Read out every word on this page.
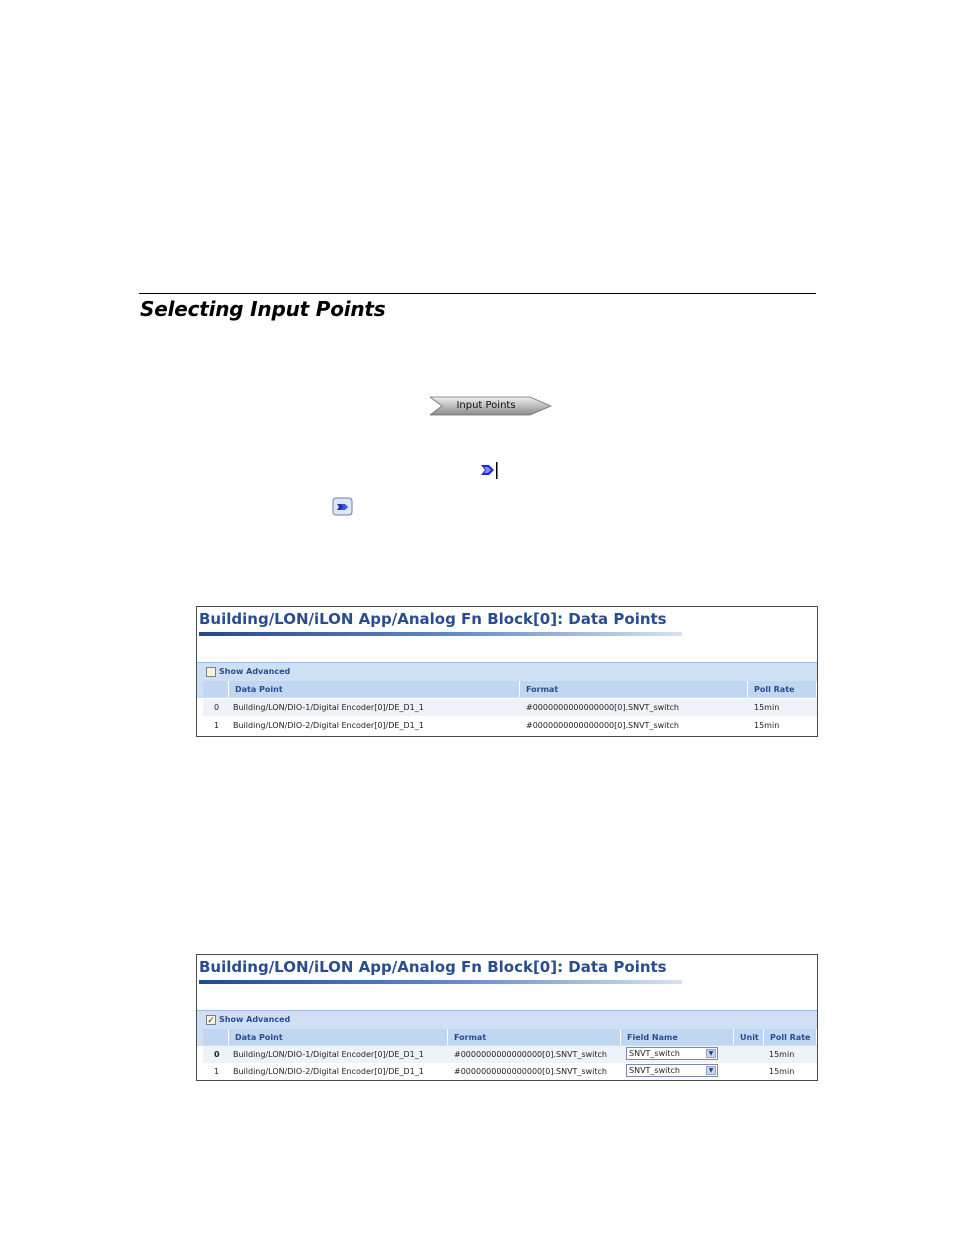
Selecting Input Points
Input Points
Building/LON/iLON App/Analog Fn Block[0]: Data Points
Show Advanced
Data Point	Format	Poll Rate
0 Building/LON/DIO-1/Digital Encoder[0]/DE_D1_1	#0000000000000000[0].SNVT_switch	15min
1 Building/LON/DIO-2/Digital Encoder[0]/DE_D1_1	#0000000000000000[0].SNVT_switch	15min
Building/LON/iLON App/Analog Fn Block[0]: Data Points
✓ Show Advanced
Data Point	Format	Field Name	Unit	Poll Rate
0 Building/LON/DIO-1/Digital Encoder[0]/DE_D1_1	#0000000000000000[0].SNVT_switch	SNVT_switch	▼	15min
1 Building/LON/DIO-2/Digital Encoder[0]/DE_D1_1	#0000000000000000[0].SNVT_switch	SNVT_switch	▼	15min
